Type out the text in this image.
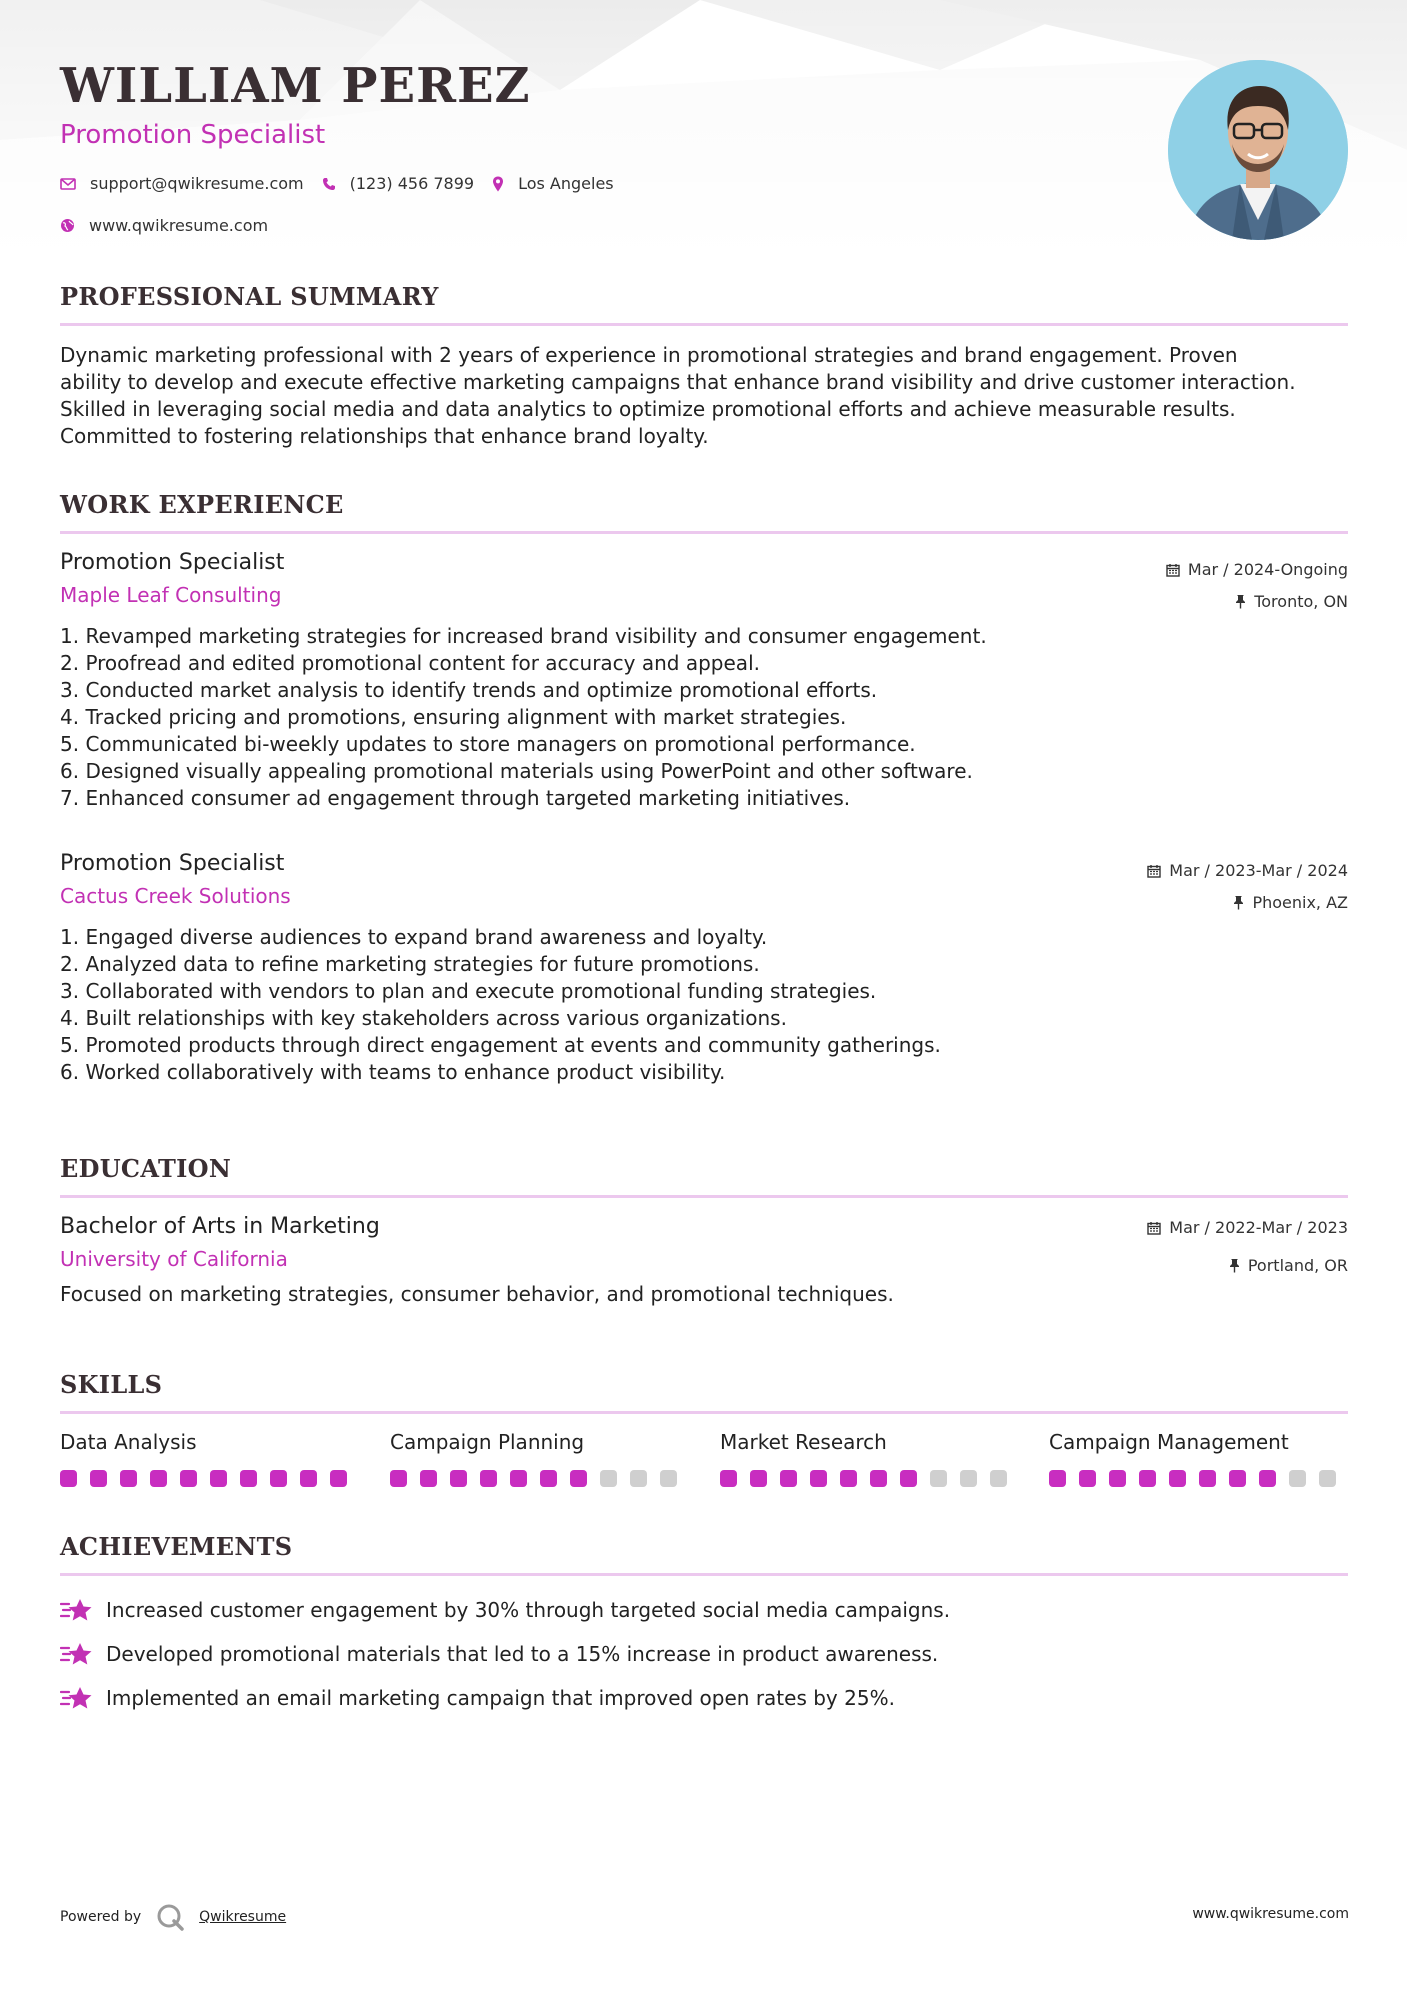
WILLIAM PEREZ
Promotion Specialist
support@qwikresume.com	(123) 456 7899	Los Angeles
www.qwikresume.com
PROFESSIONAL SUMMARY
Dynamic marketing professional with 2 years of experience in promotional strategies and brand engagement. Proven
ability to develop and execute effective marketing campaigns that enhance brand visibility and drive customer interaction.
Skilled in leveraging social media and data analytics to optimize promotional efforts and achieve measurable results.
Committed to fostering relationships that enhance brand loyalty.
WORK EXPERIENCE
Promotion Specialist
Maple Leaf Consulting
Mar / 2024-Ongoing
Toronto, ON
1. Revamped marketing strategies for increased brand visibility and consumer engagement.
2. Proofread and edited promotional content for accuracy and appeal.
3. Conducted market analysis to identify trends and optimize promotional efforts.
4. Tracked pricing and promotions, ensuring alignment with market strategies.
5. Communicated bi-weekly updates to store managers on promotional performance.
6. Designed visually appealing promotional materials using PowerPoint and other software.
7. Enhanced consumer ad engagement through targeted marketing initiatives.
Promotion Specialist
Cactus Creek Solutions
Mar / 2023-Mar / 2024
Phoenix, AZ
1. Engaged diverse audiences to expand brand awareness and loyalty.
2. Analyzed data to refine marketing strategies for future promotions.
3. Collaborated with vendors to plan and execute promotional funding strategies.
4. Built relationships with key stakeholders across various organizations.
5. Promoted products through direct engagement at events and community gatherings.
6. Worked collaboratively with teams to enhance product visibility.
EDUCATION
Bachelor of Arts in Marketing
University of California
Mar / 2022-Mar / 2023
Portland, OR
Focused on marketing strategies, consumer behavior, and promotional techniques.
SKILLS
Data Analysis	Campaign Planning	Market Research	Campaign Management
ACHIEVEMENTS
Increased customer engagement by 30% through targeted social media campaigns.
Developed promotional materials that led to a 15% increase in product awareness.
Implemented an email marketing campaign that improved open rates by 25%.
Powered by	Qwikresume	www.qwikresume.com
